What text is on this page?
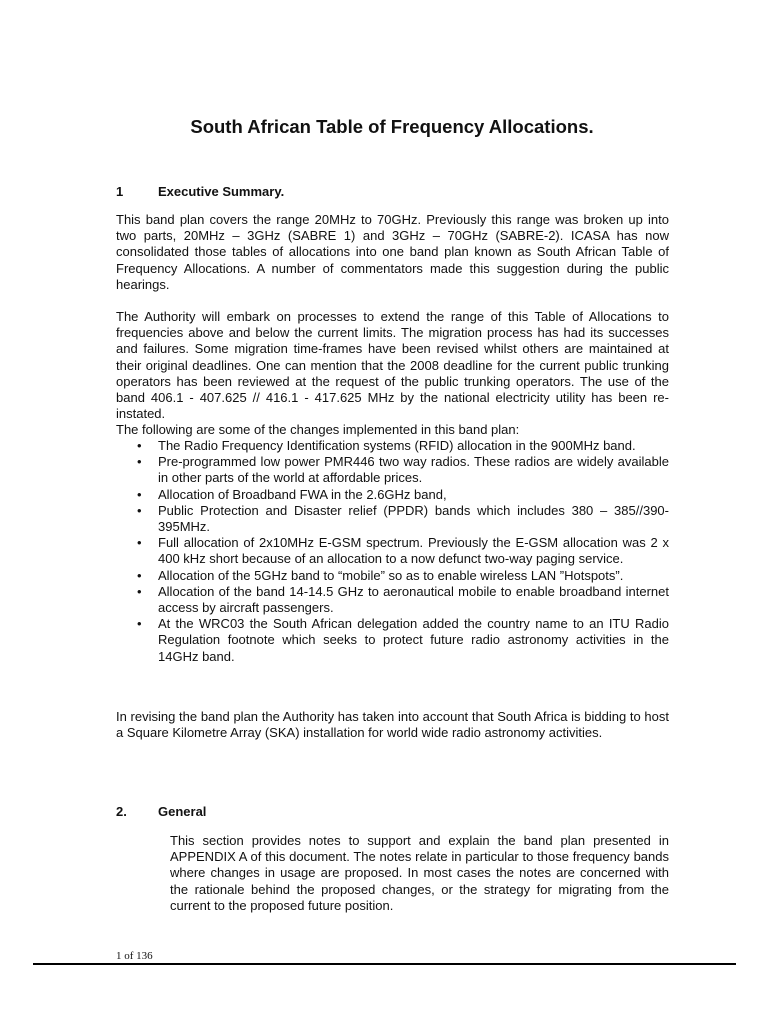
South African Table of Frequency Allocations.
1	Executive Summary.

This band plan covers the range 20MHz to 70GHz. Previously this range was broken up into two parts, 20MHz – 3GHz (SABRE 1) and 3GHz – 70GHz (SABRE-2). ICASA has now consolidated those tables of allocations into one band plan known as South African Table of Frequency Allocations. A number of commentators made this suggestion during the public hearings.

The Authority will embark on processes to extend the range of this Table of Allocations to frequencies above and below the current limits. The migration process has had its successes and failures. Some migration time-frames have been revised whilst others are maintained at their original deadlines. One can mention that the 2008 deadline for the current public trunking operators has been reviewed at the request of the public trunking operators. The use of the band 406.1 - 407.625 // 416.1 - 417.625 MHz by the national electricity utility has been re-instated.

The following are some of the changes implemented in this band plan:

• The Radio Frequency Identification systems (RFID) allocation in the 900MHz band.
• Pre-programmed low power PMR446 two way radios. These radios are widely available in other parts of the world at affordable prices.
• Allocation of Broadband FWA in the 2.6GHz band,
• Public Protection and Disaster relief (PPDR) bands which includes 380 – 385//390-395MHz.
• Full allocation of 2x10MHz E-GSM spectrum. Previously the E-GSM allocation was 2 x 400 kHz short because of an allocation to a now defunct two-way paging service.
• Allocation of the 5GHz band to “mobile” so as to enable wireless LAN ”Hotspots”.
• Allocation of the band 14-14.5 GHz to aeronautical mobile to enable broadband internet access by aircraft passengers.
• At the WRC03 the South African delegation added the country name to an ITU Radio Regulation footnote which seeks to protect future radio astronomy activities in the 14GHz band.

In revising the band plan the Authority has taken into account that South Africa is bidding to host a Square Kilometre Array (SKA) installation for world wide radio astronomy activities.

2. General

This section provides notes to support and explain the band plan presented in APPENDIX A of this document. The notes relate in particular to those frequency bands where changes in usage are proposed. In most cases the notes are concerned with the rationale behind the proposed changes, or the strategy for migrating from the current to the proposed future position.

1 of 136
